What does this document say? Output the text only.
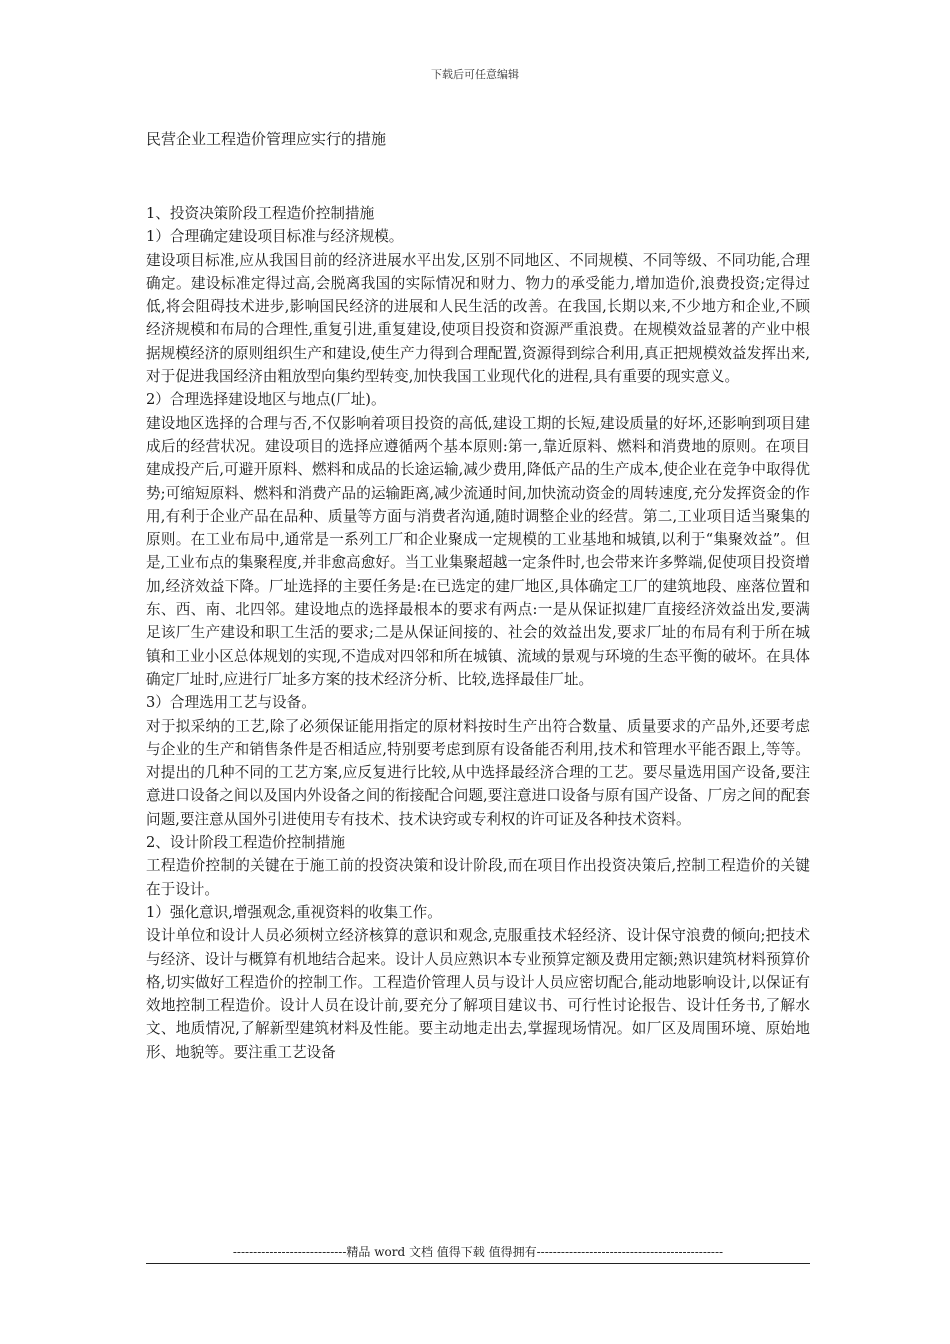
下载后可任意编辑
民营企业工程造价管理应实行的措施

1、投资决策阶段工程造价控制措施

1）合理确定建设项目标准与经济规模。

建设项目标准,应从我国目前的经济进展水平出发,区别不同地区、不同规模、不同等级、不同功能,合理确定。建设标准定得过高,会脱离我国的实际情况和财力、物力的承受能力,增加造价,浪费投资;定得过低,将会阻碍技术进步,影响国民经济的进展和人民生活的改善。在我国,长期以来,不少地方和企业,不顾经济规模和布局的合理性,重复引进,重复建设,使项目投资和资源严重浪费。在规模效益显著的产业中根据规模经济的原则组织生产和建设,使生产力得到合理配置,资源得到综合利用,真正把规模效益发挥出来,对于促进我国经济由粗放型向集约型转变,加快我国工业现代化的进程,具有重要的现实意义。

2）合理选择建设地区与地点(厂址)。

建设地区选择的合理与否,不仅影响着项目投资的高低,建设工期的长短,建设质量的好坏,还影响到项目建成后的经营状况。建设项目的选择应遵循两个基本原则:第一,靠近原料、燃料和消费地的原则。在项目建成投产后,可避开原料、燃料和成品的长途运输,减少费用,降低产品的生产成本,使企业在竞争中取得优势;可缩短原料、燃料和消费产品的运输距离,减少流通时间,加快流动资金的周转速度,充分发挥资金的作用,有利于企业产品在品种、质量等方面与消费者沟通,随时调整企业的经营。第二,工业项目适当聚集的原则。在工业布局中,通常是一系列工厂和企业聚成一定规模的工业基地和城镇,以利于“集聚效益”。但是,工业布点的集聚程度,并非愈高愈好。当工业集聚超越一定条件时,也会带来许多弊端,促使项目投资增加,经济效益下降。厂址选择的主要任务是:在已选定的建厂地区,具体确定工厂的建筑地段、座落位置和东、西、南、北四邻。建设地点的选择最根本的要求有两点:一是从保证拟建厂直接经济效益出发,要满足该厂生产建设和职工生活的要求;二是从保证间接的、社会的效益出发,要求厂址的布局有利于所在城镇和工业小区总体规划的实现,不造成对四邻和所在城镇、流域的景观与环境的生态平衡的破坏。在具体确定厂址时,应进行厂址多方案的技术经济分析、比较,选择最佳厂址。

3）合理选用工艺与设备。

对于拟采纳的工艺,除了必须保证能用指定的原材料按时生产出符合数量、质量要求的产品外,还要考虑与企业的生产和销售条件是否相适应,特别要考虑到原有设备能否利用,技术和管理水平能否跟上,等等。对提出的几种不同的工艺方案,应反复进行比较,从中选择最经济合理的工艺。要尽量选用国产设备,要注意进口设备之间以及国内外设备之间的衔接配合问题,要注意进口设备与原有国产设备、厂房之间的配套问题,要注意从国外引进使用专有技术、技术诀窍或专利权的许可证及各种技术资料。

2、设计阶段工程造价控制措施

工程造价控制的关键在于施工前的投资决策和设计阶段,而在项目作出投资决策后,控制工程造价的关键在于设计。

1）强化意识,增强观念,重视资料的收集工作。

设计单位和设计人员必须树立经济核算的意识和观念,克服重技术轻经济、设计保守浪费的倾向;把技术与经济、设计与概算有机地结合起来。设计人员应熟识本专业预算定额及费用定额;熟识建筑材料预算价格,切实做好工程造价的控制工作。工程造价管理人员与设计人员应密切配合,能动地影响设计,以保证有效地控制工程造价。设计人员在设计前,要充分了解项目建议书、可行性讨论报告、设计任务书,了解水文、地质情况,了解新型建筑材料及性能。要主动地走出去,掌握现场情况。如厂区及周围环境、原始地形、地貌等。要注重工艺设备

----------------------------精品 word 文档 值得下载 值得拥有----------------------------------------------
